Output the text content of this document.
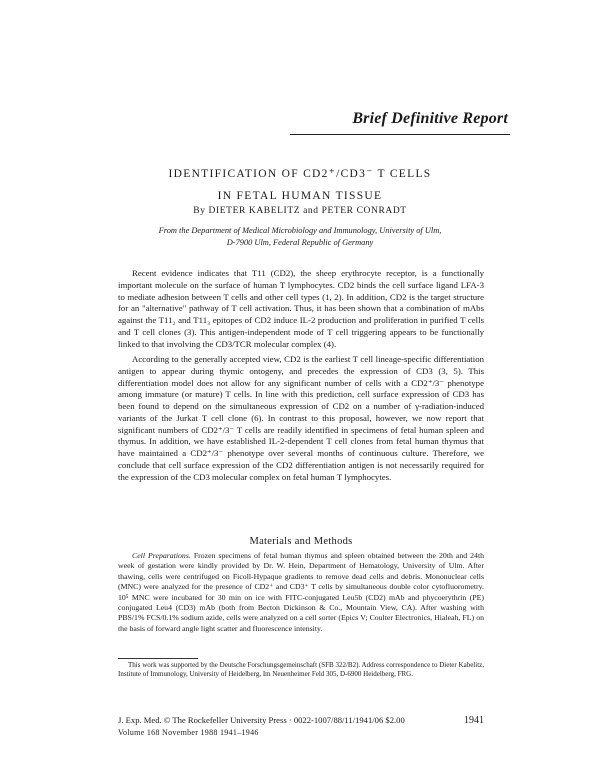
Brief Definitive Report
IDENTIFICATION OF CD2⁺/CD3⁻ T CELLS
IN FETAL HUMAN TISSUE
By DIETER KABELITZ and PETER CONRADT
From the Department of Medical Microbiology and Immunology, University of Ulm,
D-7900 Ulm, Federal Republic of Germany

Recent evidence indicates that T11 (CD2), the sheep erythrocyte receptor, is a functionally important molecule on the surface of human T lymphocytes. CD2 binds the cell surface ligand LFA-3 to mediate adhesion between T cells and other cell types (1, 2). In addition, CD2 is the target structure for an "alternative" pathway of T cell activation. Thus, it has been shown that a combination of mAbs against the T11₂ and T11₃ epitopes of CD2 induce IL-2 production and proliferation in purified T cells and T cell clones (3). This antigen-independent mode of T cell triggering appears to be functionally linked to that involving the CD3/TCR molecular complex (4).

According to the generally accepted view, CD2 is the earliest T cell lineage-specific differentiation antigen to appear during thymic ontogeny, and precedes the expression of CD3 (3, 5). This differentiation model does not allow for any significant number of cells with a CD2⁺/3⁻ phenotype among immature (or mature) T cells. In line with this prediction, cell surface expression of CD3 has been found to depend on the simultaneous expression of CD2 on a number of γ-radiation-induced variants of the Jurkat T cell clone (6). In contrast to this proposal, however, we now report that significant numbers of CD2⁺/3⁻ T cells are readily identified in specimens of fetal human spleen and thymus. In addition, we have established IL-2-dependent T cell clones from fetal human thymus that have maintained a CD2⁺/3⁻ phenotype over several months of continuous culture. Therefore, we conclude that cell surface expression of the CD2 differentiation antigen is not necessarily required for the expression of the CD3 molecular complex on fetal human T lymphocytes.

Materials and Methods
Cell Preparations. Frozen specimens of fetal human thymus and spleen obtained between the 20th and 24th week of gestation were kindly provided by Dr. W. Hein, Department of Hematology, University of Ulm. After thawing, cells were centrifuged on Ficoll-Hypaque gradients to remove dead cells and debris. Mononuclear cells (MNC) were analyzed for the presence of CD2⁺ and CD3⁺ T cells by simultaneous double color cytofluorometry. 10⁵ MNC were incubated for 30 min on ice with FITC-conjugated Leu5b (CD2) mAb and phycoerythrin (PE) conjugated Leu4 (CD3) mAb (both from Becton Dickinson & Co., Mountain View, CA). After washing with PBS/1% FCS/0.1% sodium azide, cells were analyzed on a cell sorter (Epics V; Coulter Electronics, Hialeah, FL) on the basis of forward angle light scatter and fluorescence intensity.
This work was supported by the Deutsche Forschungsgemeinschaft (SFB 322/B2). Address correspondence to Dieter Kabelitz, Institute of Immunology, University of Heidelberg, Im Neuenheimer Feld 305, D-6900 Heidelberg, FRG.
J. Exp. Med. © The Rockefeller University Press · 0022-1007/88/11/1941/06 $2.00	1941
Volume 168 November 1988 1941–1946
